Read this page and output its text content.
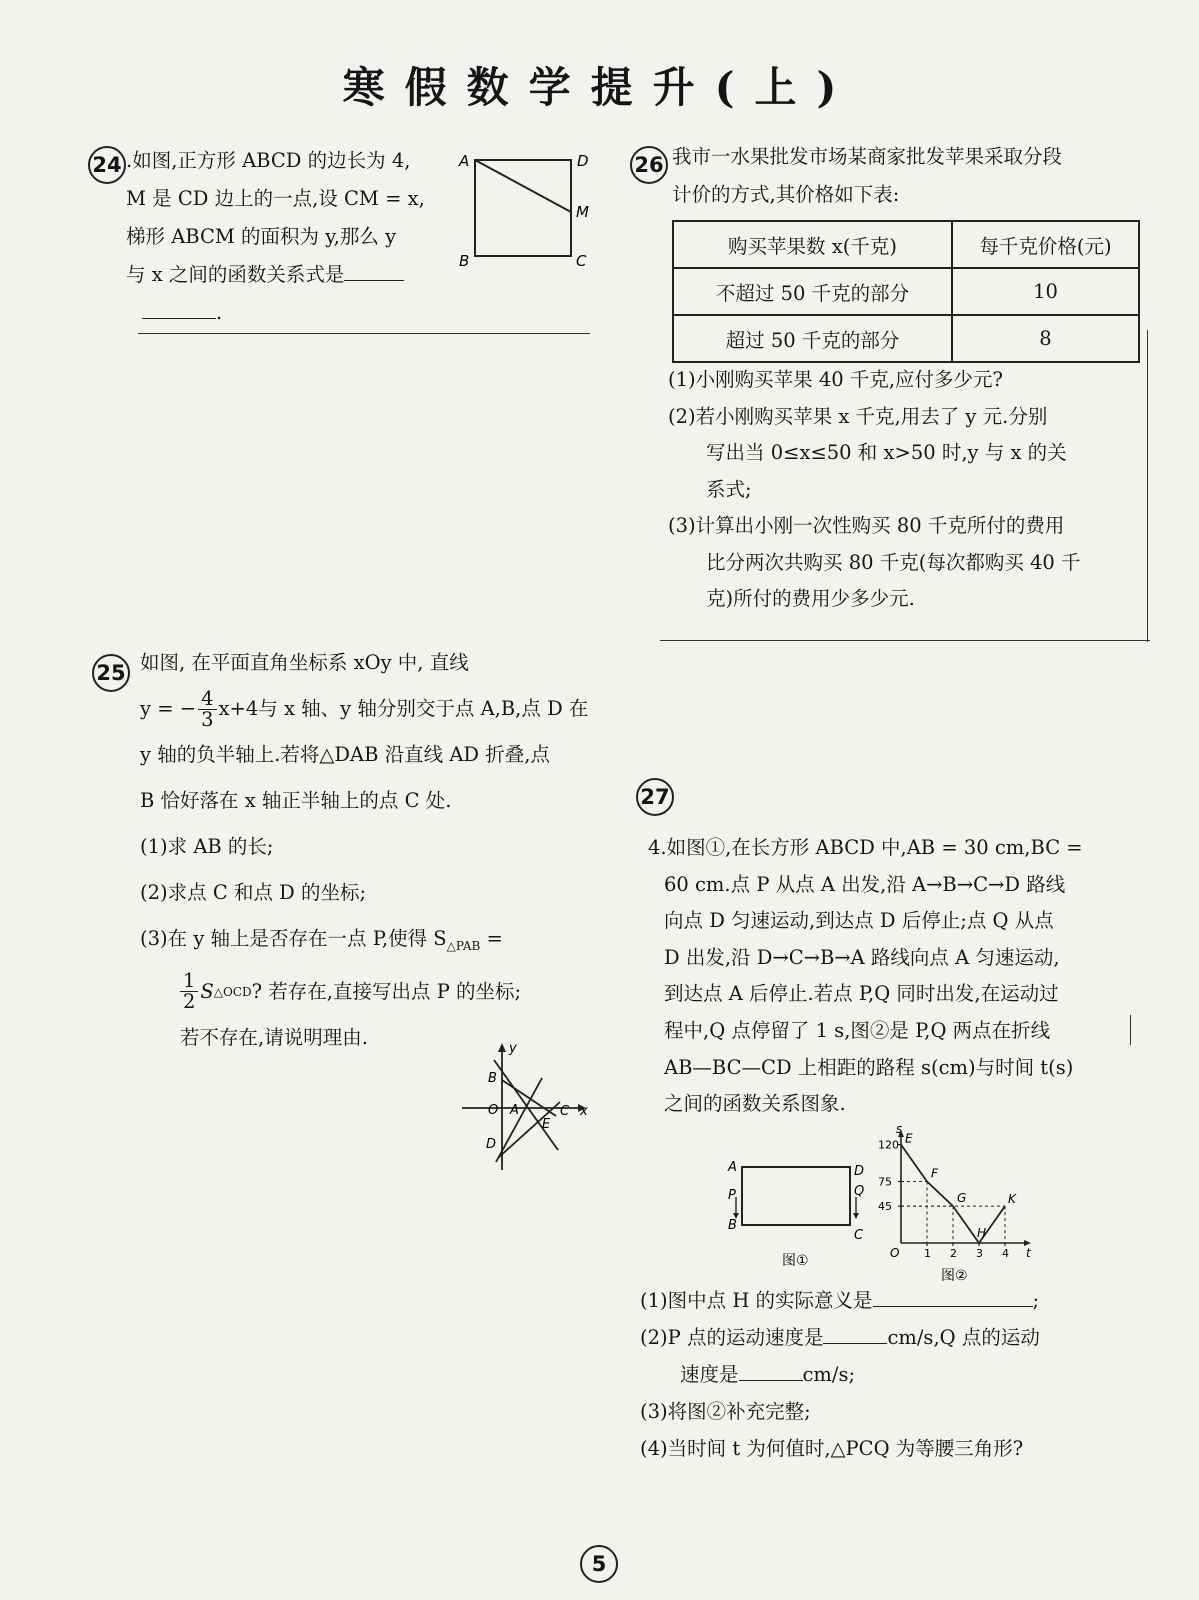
寒假数学提升(上)
24 .如图,正方形 ABCD 的边长为 4,

M 是 CD 边上的一点,设 CM = x,

梯形 ABCM 的面积为 y,那么 y

与 x 之间的函数关系式是

.

A	D
M
B	C
25 如图, 在平面直角坐标系 xOy 中, 直线

y = − $\frac{4}{3} x+4$与 x 轴、y 轴分别交于点 A,B,点 D 在

y 轴的负半轴上.若将△DAB 沿直线 AD 折叠,点

B 恰好落在 x 轴正半轴上的点 C 处.

(1)求 AB 的长;

(2)求点 C 和点 D 的坐标;

(3)在 y 轴上是否存在一点 P,使得 $S_{\triangle PAB}$ =

$\frac{1}{2}$ S △OCD ? 若存在,直接写出点 P 的坐标;

若不存在,请说明理由.	y
B
O A	C x
E
D
26 我市一水果批发市场某商家批发苹果采取分段

计价的方式,其价格如下表:

购买苹果数 x(千克)	每千克价格(元)
不超过 50 千克的部分	10
超过 50 千克的部分	8

(1)小刚购买苹果 40 千克,应付多少元?

(2)若小刚购买苹果 x 千克,用去了 y 元.分别

写出当 0≤x≤50 和 x>50 时,y 与 x 的关

系式;

(3)计算出小刚一次性购买 80 千克所付的费用

比分两次共购买 80 千克(每次都购买 40 千

克)所付的费用少多少元.

27

4.如图①,在长方形 ABCD 中,AB = 30 cm,BC =

60 cm.点 P 从点 A 出发,沿 A→B→C→D 路线

向点 D 匀速运动,到达点 D 后停止;点 Q 从点

D 出发,沿 D→C→B→A 路线向点 A 匀速运动,

到达点 A 后停止.若点 P,Q 同时出发,在运动过

程中,Q 点停留了 1 s,图②是 P,Q 两点在折线

AB—BC—CD 上相距的路程 s(cm)与时间 t(s)

之间的函数关系图象.

A	D
P	Q
B
C
图①
s
t
O
E
F
G
H
K
45
75
120
1 2 3 4
图②

(1)图中点 H 的实际意义是	;

(2)P 点的运动速度是	cm/s,Q 点的运动

速度是	cm/s;

(3)将图②补充完整;

(4)当时间 t 为何值时,△PCQ 为等腰三角形?

5
